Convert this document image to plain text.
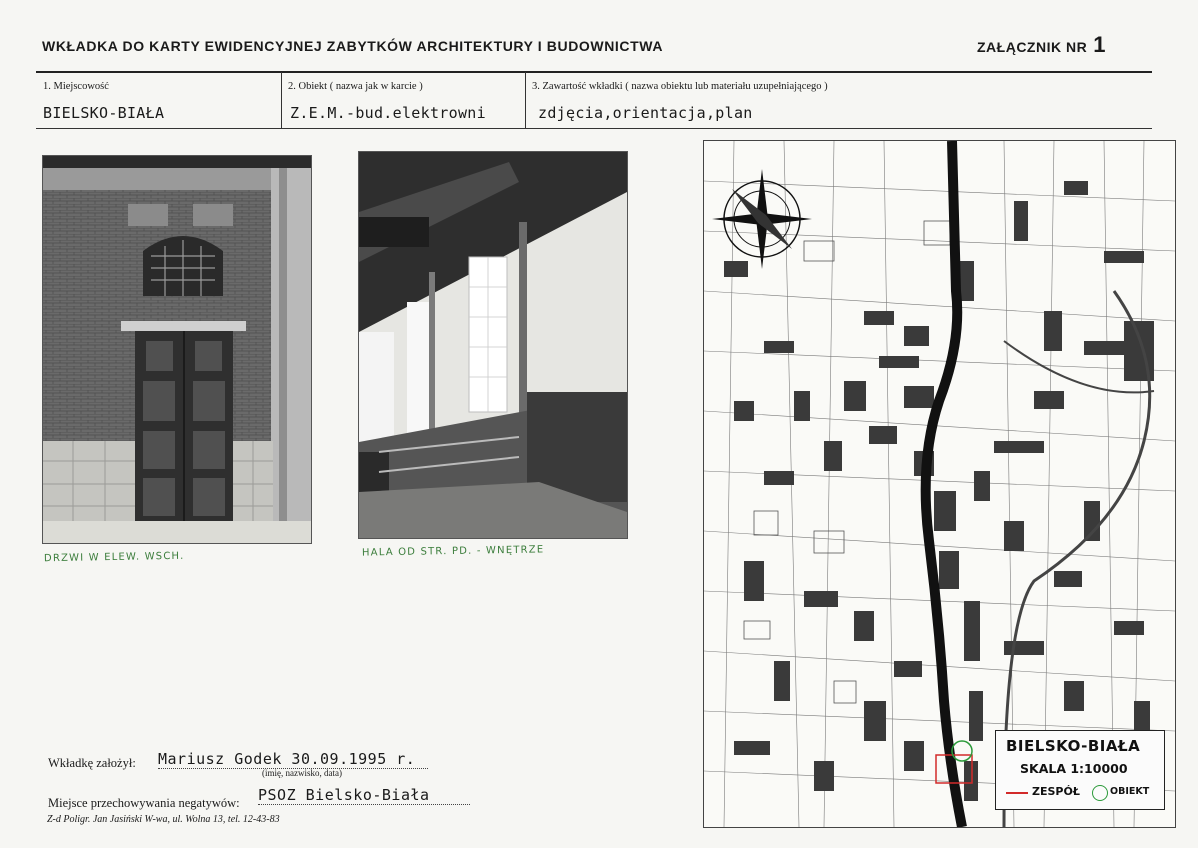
WKŁADKA DO KARTY EWIDENCYJNEJ ZABYTKÓW ARCHITEKTURY I BUDOWNICTWA	ZAŁĄCZNIK NR 1
1. Miejscowość
BIELSKO-BIAŁA
2. Obiekt ( nazwa jak w karcie )
Z.E.M.-bud.elektrowni
3. Zawartość wkładki ( nazwa obiektu lub materiału uzupełniającego )
zdjęcia,orientacja,plan
DRZWI W ELEW. WSCH.	HALA OD STR. PD. - WNĘTRZE
BIELSKO-BIAŁA
SKALA 1:10000
ZESPÓŁ	OBIEKT
Wkładkę założył: Mariusz Godek 30.09.1995 r.
(imię, nazwisko, data)
Miejsce przechowywania negatywów: PSOZ Bielsko-Biała
Z-d Poligr. Jan Jasiński W-wa, ul. Wolna 13, tel. 12-43-83
